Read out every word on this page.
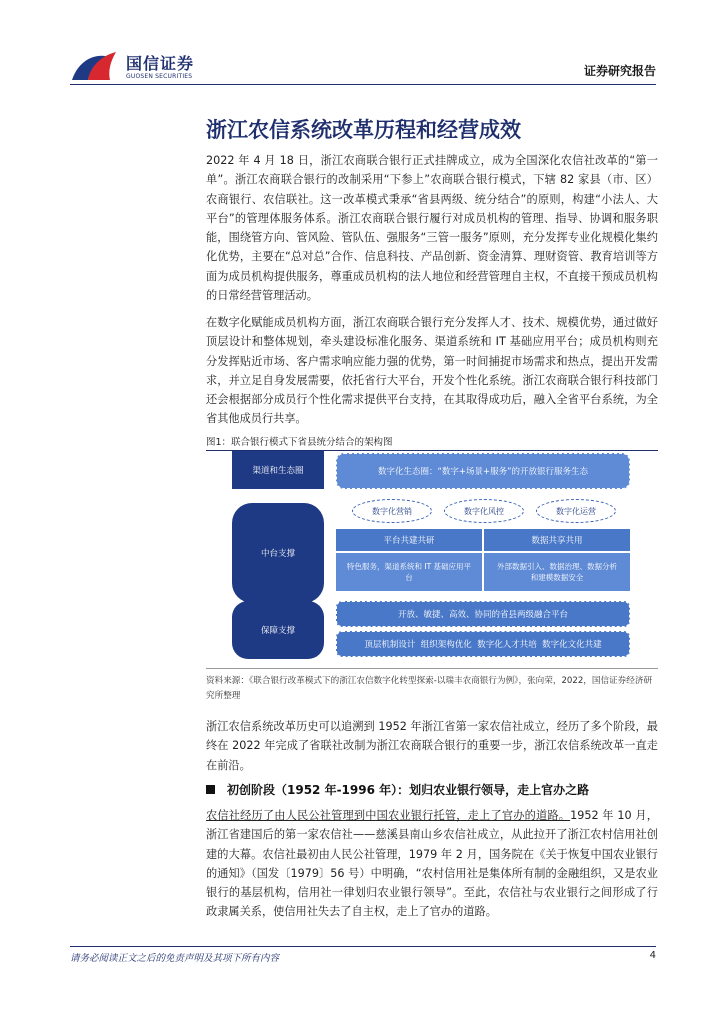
国信证券
GUOSEN SECURITIES	证券研究报告
浙江农信系统改革历程和经营成效

2022 年 4 月 18 日，浙江农商联合银行正式挂牌成立，成为全国深化农信社改革的“第一单”。浙江农商联合银行的改制采用“下参上”农商联合银行模式，下辖 82 家县（市、区）农商银行、农信联社。这一改革模式秉承“省县两级、统分结合”的原则，构建“小法人、大平台”的管理体服务体系。浙江农商联合银行履行对成员机构的管理、指导、协调和服务职能，围绕管方向、管风险、管队伍、强服务“三管一服务”原则，充分发挥专业化规模化集约化优势，主要在“总对总”合作、信息科技、产品创新、资金清算、理财资管、教育培训等方面为成员机构提供服务，尊重成员机构的法人地位和经营管理自主权，不直接干预成员机构的日常经营管理活动。

在数字化赋能成员机构方面，浙江农商联合银行充分发挥人才、技术、规模优势，通过做好顶层设计和整体规划，牵头建设标准化服务、渠道系统和 IT 基础应用平台；成员机构则充分发挥贴近市场、客户需求响应能力强的优势，第一时间捕捉市场需求和热点，提出开发需求，并立足自身发展需要，依托省行大平台，开发个性化系统。浙江农商联合银行科技部门还会根据部分成员行个性化需求提供平台支持，在其取得成功后，融入全省平台系统，为全省其他成员行共享。

图1：联合银行模式下省县统分结合的架构图
渠道和生态圈
中台支撑
保障支撑
数字化生态圈：“数字+场景+服务”的开放银行服务生态
数字化营销	数字化风控	数字化运营
平台共建共研	数据共享共用
特色服务，渠道系统和 IT 基础应用平台
外部数据引入、数据治理、数据分析和建模数据安全
开放、敏捷、高效、协同的省县两级融合平台
顶层机制设计  组织架构优化  数字化人才共培  数字化文化共建
资料来源：《联合银行改革模式下的浙江农信数字化转型探索-以瑞丰农商银行为例》，张向荣，2022，国信证券经济研究所整理

浙江农信系统改革历史可以追溯到 1952 年浙江省第一家农信社成立，经历了多个阶段，最终在 2022 年完成了省联社改制为浙江农商联合银行的重要一步，浙江农信系统改革一直走在前沿。

初创阶段（1952 年-1996 年）：划归农业银行领导，走上官办之路

农信社经历了由人民公社管理到中国农业银行托管，走上了官办的道路。1952 年 10 月，浙江省建国后的第一家农信社——慈溪县南山乡农信社成立，从此拉开了浙江农村信用社创建的大幕。农信社最初由人民公社管理，1979 年 2 月，国务院在《关于恢复中国农业银行的通知》（国发〔1979〕56 号）中明确，“农村信用社是集体所有制的金融组织，又是农业银行的基层机构，信用社一律划归农业银行领导”。至此，农信社与农业银行之间形成了行政隶属关系，使信用社失去了自主权，走上了官办的道路。

请务必阅读正文之后的免责声明及其项下所有内容	4
